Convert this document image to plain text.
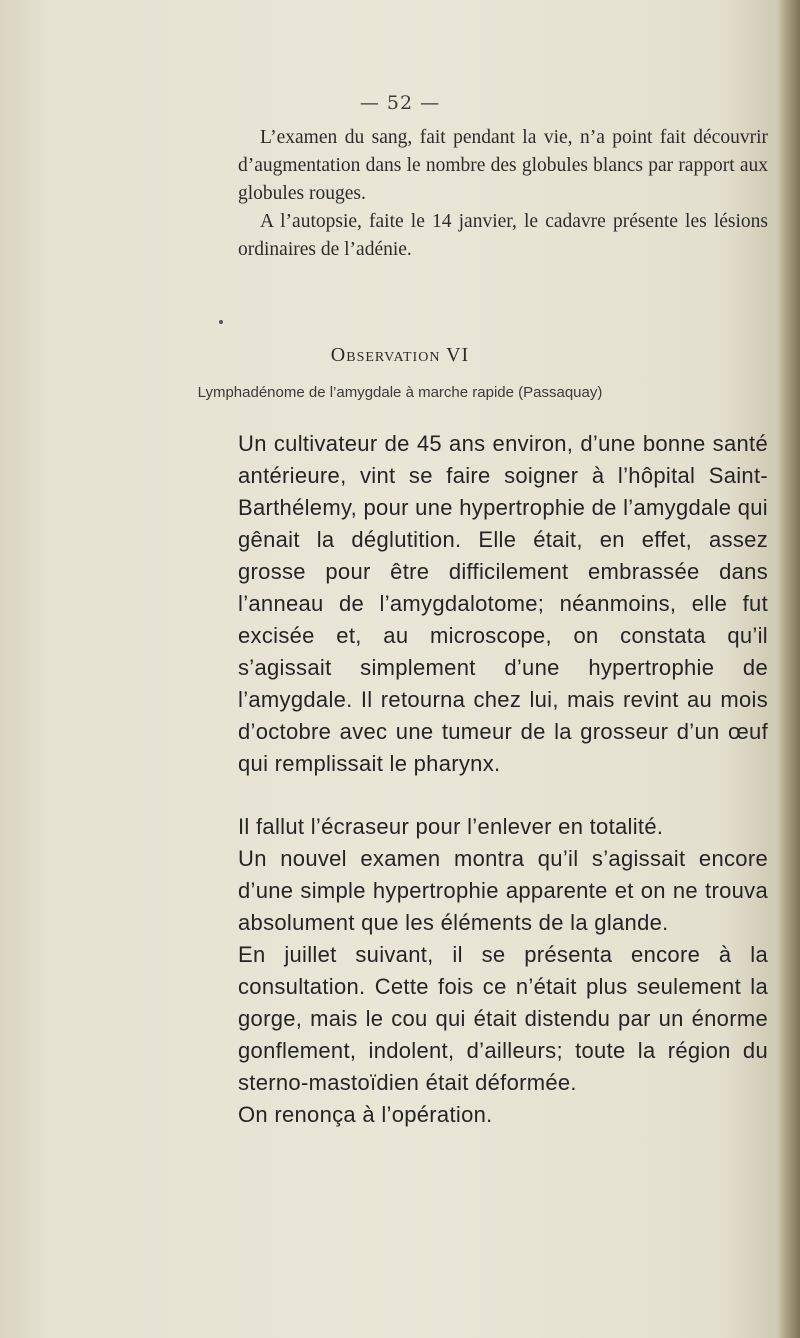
— 52 —
L’examen du sang, fait pendant la vie, n’a point fait découvrir d’augmentation dans le nombre des globules blancs par rapport aux globules rouges.
A l’autopsie, faite le 14 janvier, le cadavre présente les lésions ordinaires de l’adénie.
Observation VI
Lymphadénome de l’amygdale à marche rapide (Passaquay)
Un cultivateur de 45 ans environ, d’une bonne santé antérieure, vint se faire soigner à l’hôpital Saint-Barthélemy, pour une hypertrophie de l’amygdale qui gênait la déglutition. Elle était, en effet, assez grosse pour être difficilement embrassée dans l’anneau de l’amygdalotome; néanmoins, elle fut excisée et, au microscope, on constata qu’il s’agissait simplement d’une hypertrophie de l’amygdale. Il retourna chez lui, mais revint au mois d’octobre avec une tumeur de la grosseur d’un œuf qui remplissait le pharynx.
Il fallut l’écraseur pour l’enlever en totalité.
Un nouvel examen montra qu’il s’agissait encore d’une simple hypertrophie apparente et on ne trouva absolument que les éléments de la glande.
En juillet suivant, il se présenta encore à la consultation. Cette fois ce n’était plus seulement la gorge, mais le cou qui était distendu par un énorme gonflement, indolent, d’ailleurs; toute la région du sterno-mastoïdien était déformée.
On renonça à l’opération.
